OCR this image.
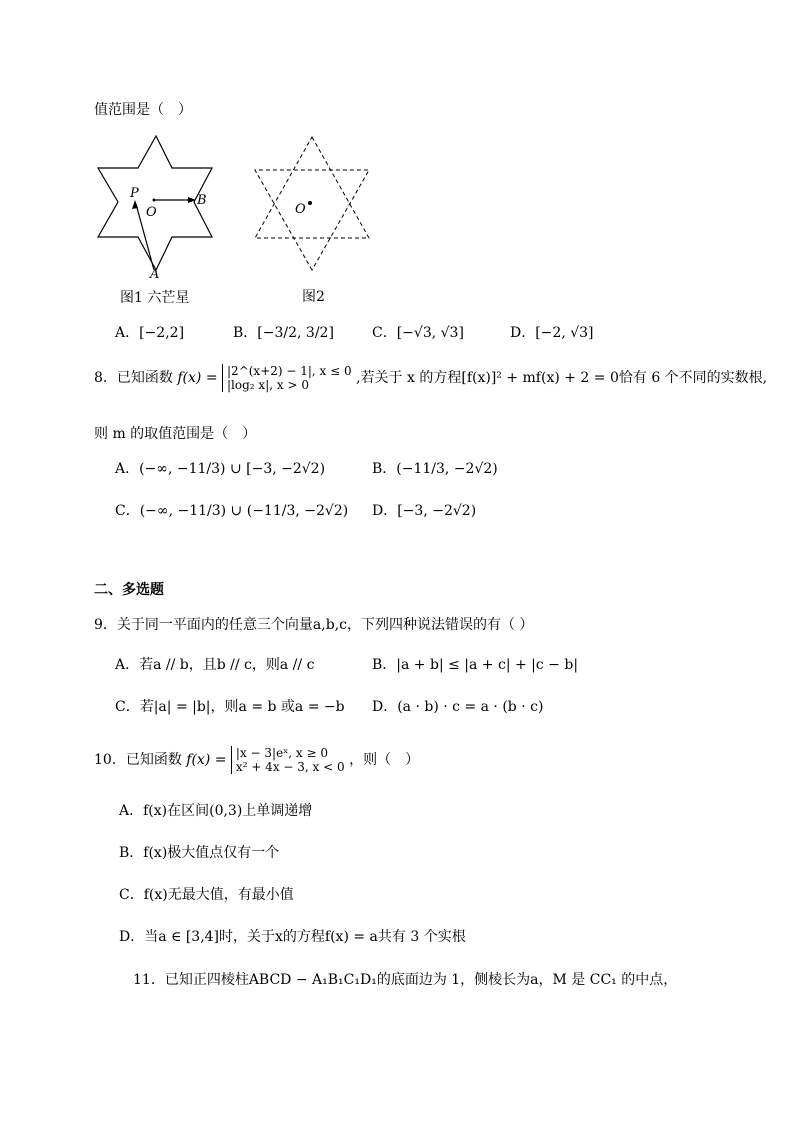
值范围是（　）
P
O
B
A
图1 六芒星
O
图2
A．[−2,2]	B．[−3/2, 3/2]	C．[−√3, √3]	D．[−2, √3]
8．已知函数 f(x) = |2^(x+2) − 1|, x ≤ 0
|log₂ x|, x > 0	,若关于 x 的方程[f(x)]² + mf(x) + 2 = 0恰有 6 个不同的实数根,
则 m 的取值范围是（　）
A．(−∞, −11/3) ∪ [−3, −2√2)	B．(−11/3, −2√2)
C．(−∞, −11/3) ∪ (−11/3, −2√2) D．[−3, −2√2)
二、多选题
9．关于同一平面内的任意三个向量a,b,c，下列四种说法错误的有（ ）
A．若a // b，且b // c，则a // c	B．|a + b| ≤ |a + c| + |c − b|
C．若|a| = |b|，则a = b 或a = −b D．(a · b) · c = a · (b · c)
10．已知函数 f(x) = |x − 3|eˣ, x ≥ 0
x² + 4x − 3, x < 0 ，则（　）
A．f(x)在区间(0,3)上单调递增
B．f(x)极大值点仅有一个
C．f(x)无最大值，有最小值
D．当a ∈ [3,4]时，关于x的方程f(x) = a共有 3 个实根
11．已知正四棱柱ABCD − A₁B₁C₁D₁的底面边为 1，侧棱长为a，M 是 CC₁ 的中点，
